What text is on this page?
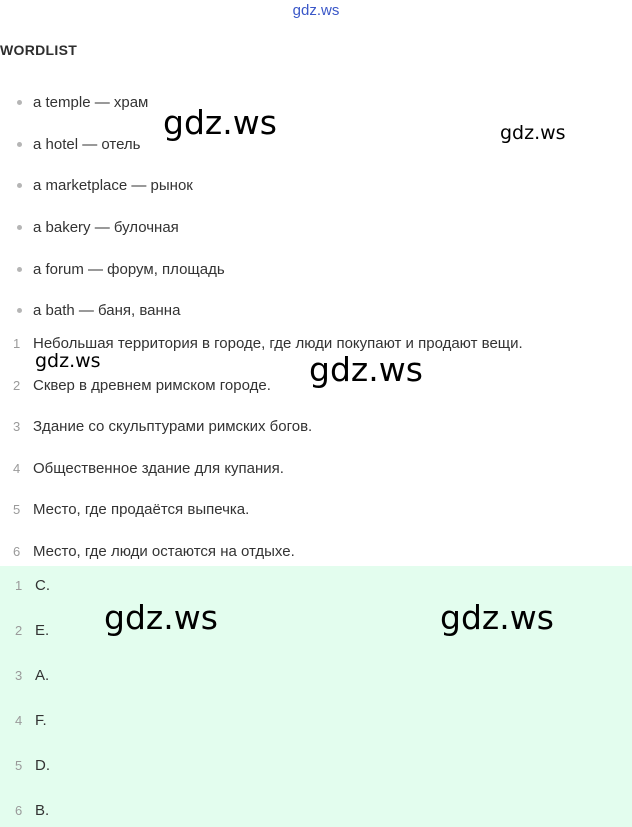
gdz.ws
WORDLIST
a temple — храм
a hotel — отель
a marketplace — рынок
a bakery — булочная
a forum — форум, площадь
a bath — баня, ванна
1 Небольшая территория в городе, где люди покупают и продают вещи.
2 Сквер в древнем римском городе.
3 Здание со скульптурами римских богов.
4 Общественное здание для купания.
5 Место, где продаётся выпечка.
6 Место, где люди остаются на отдыхе.
1 C.
2 E.
3 A.
4 F.
5 D.
6 B.
gdz.ws	gdz.ws
gdz.ws	gdz.ws
gdz.ws	gdz.ws
